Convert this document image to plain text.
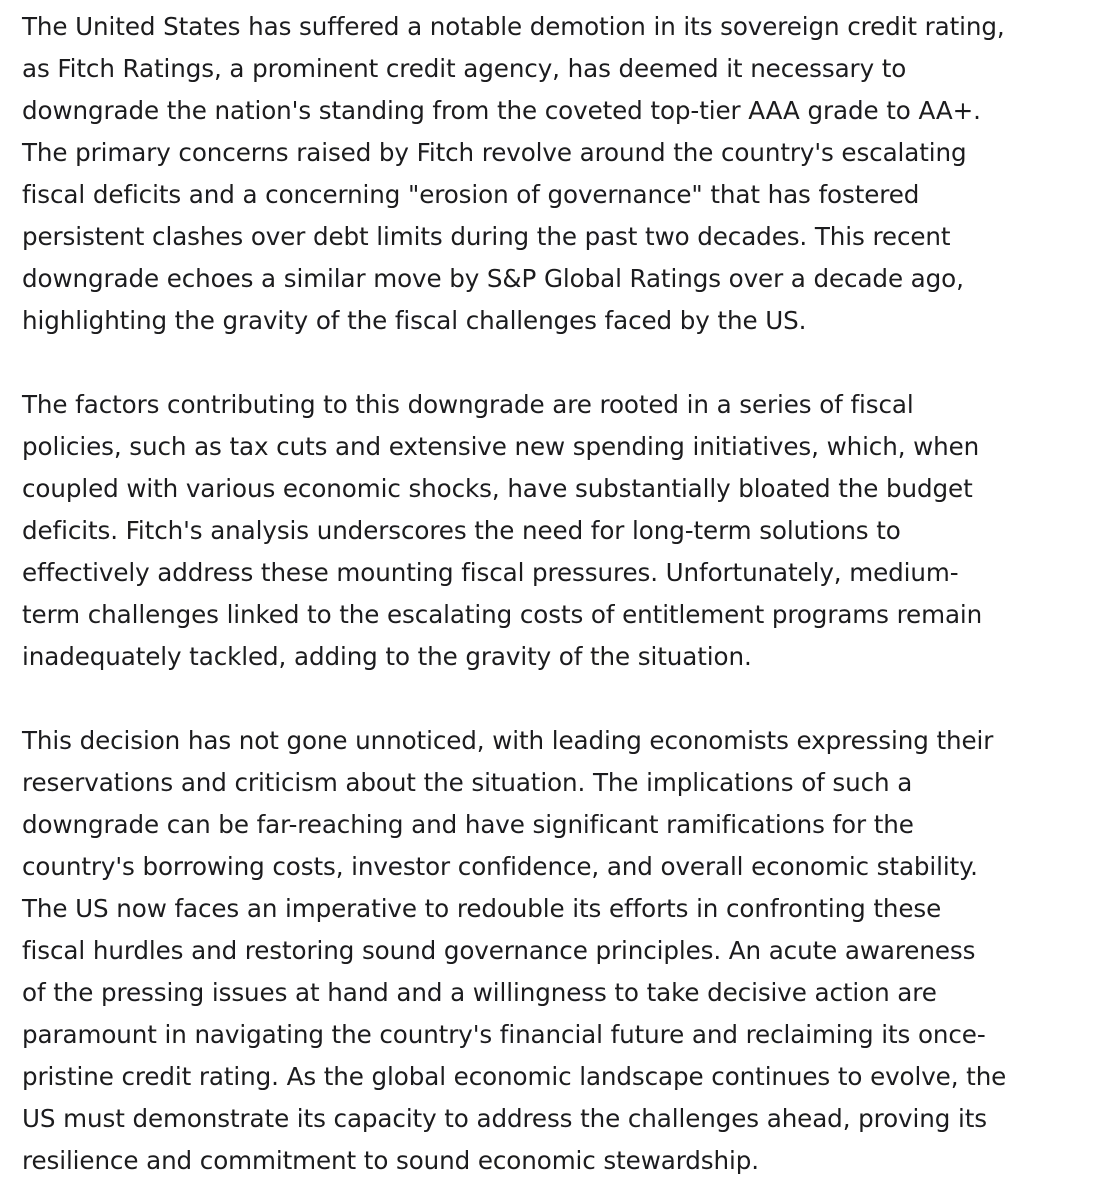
The United States has suffered a notable demotion in its sovereign credit rating,
as Fitch Ratings, a prominent credit agency, has deemed it necessary to
downgrade the nation's standing from the coveted top-tier AAA grade to AA+.
The primary concerns raised by Fitch revolve around the country's escalating
fiscal deficits and a concerning "erosion of governance" that has fostered
persistent clashes over debt limits during the past two decades. This recent
downgrade echoes a similar move by S&P Global Ratings over a decade ago,
highlighting the gravity of the fiscal challenges faced by the US.
The factors contributing to this downgrade are rooted in a series of fiscal
policies, such as tax cuts and extensive new spending initiatives, which, when
coupled with various economic shocks, have substantially bloated the budget
deficits. Fitch's analysis underscores the need for long-term solutions to
effectively address these mounting fiscal pressures. Unfortunately, medium-
term challenges linked to the escalating costs of entitlement programs remain
inadequately tackled, adding to the gravity of the situation.
This decision has not gone unnoticed, with leading economists expressing their
reservations and criticism about the situation. The implications of such a
downgrade can be far-reaching and have significant ramifications for the
country's borrowing costs, investor confidence, and overall economic stability.
The US now faces an imperative to redouble its efforts in confronting these
fiscal hurdles and restoring sound governance principles. An acute awareness
of the pressing issues at hand and a willingness to take decisive action are
paramount in navigating the country's financial future and reclaiming its once-
pristine credit rating. As the global economic landscape continues to evolve, the
US must demonstrate its capacity to address the challenges ahead, proving its
resilience and commitment to sound economic stewardship.
